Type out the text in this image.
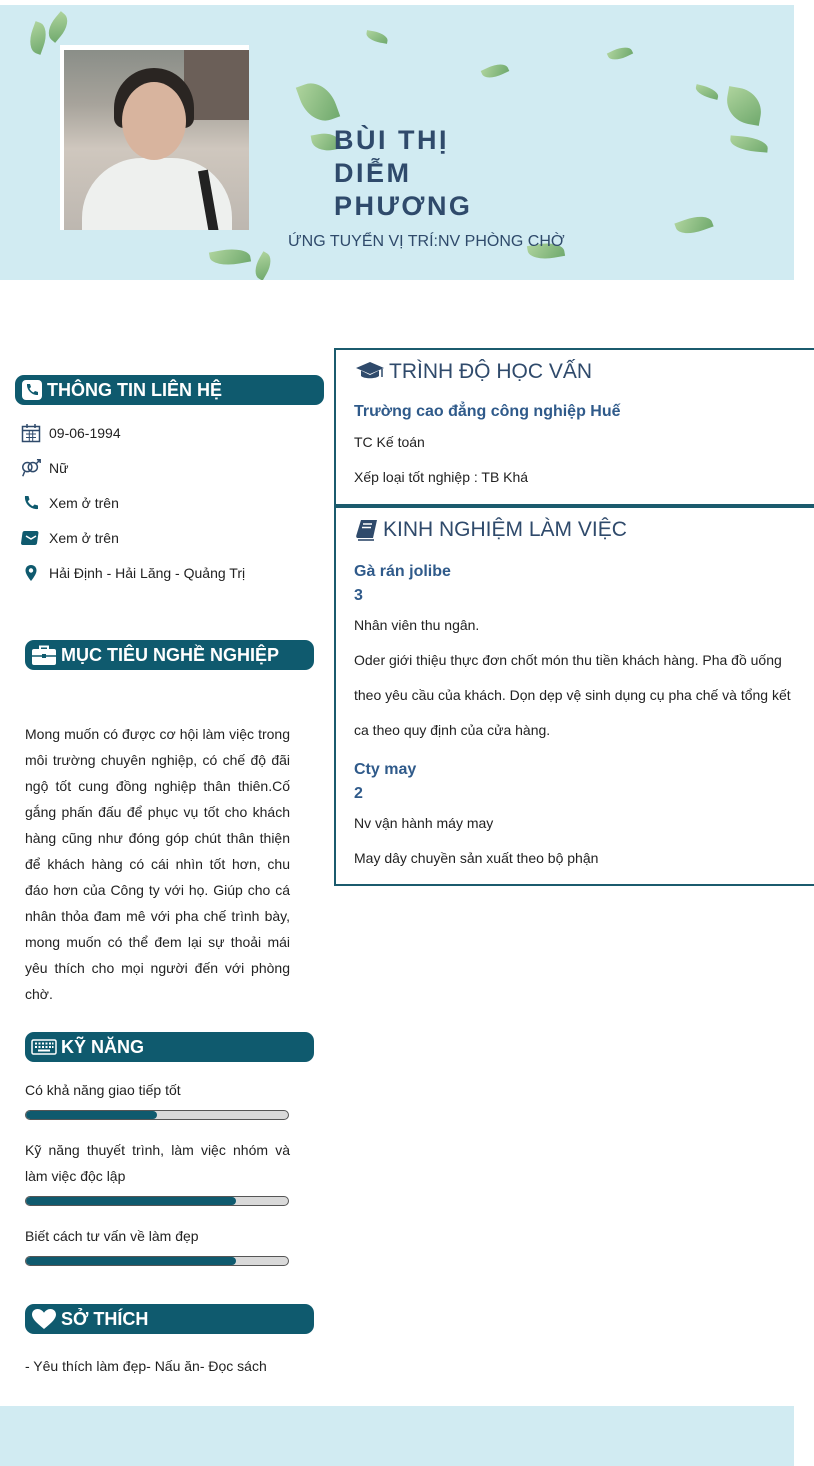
BÙI THỊ
DIỄM
PHƯƠNG
ỨNG TUYỂN VỊ TRÍ:NV PHÒNG CHỜ
THÔNG TIN LIÊN HỆ
09-06-1994
Nữ
Xem ở trên
Xem ở trên
Hải Định - Hải Lăng - Quảng Trị
MỤC TIÊU NGHỀ NGHIỆP
Mong muốn có được cơ hội làm việc trong môi trường chuyên nghiệp, có chế độ đãi ngộ tốt cung đồng nghiệp thân thiên.Cố gắng phấn đấu để phục vụ tốt cho khách hàng cũng như đóng góp chút thân thiện để khách hàng có cái nhìn tốt hơn, chu đáo hơn của Công ty với họ. Giúp cho cá nhân thỏa đam mê với pha chế trình bày, mong muốn có thể đem lại sự thoải mái yêu thích cho mọi người đến với phòng chờ.
KỸ NĂNG
Có khả năng giao tiếp tốt
Kỹ năng thuyết trình, làm việc nhóm và làm việc độc lập
Biết cách tư vấn về làm đẹp
SỞ THÍCH
- Yêu thích làm đẹp- Nấu ăn- Đọc sách
TRÌNH ĐỘ HỌC VẤN
Trường cao đẳng công nghiệp Huế
TC Kế toán
Xếp loại tốt nghiệp : TB Khá
KINH NGHIỆM LÀM VIỆC
Gà rán jolibe
3
Nhân viên thu ngân.
Oder giới thiệu thực đơn chốt món thu tiền khách hàng. Pha đồ uống theo yêu cầu của khách. Dọn dẹp vệ sinh dụng cụ pha chế và tổng kết ca theo quy định của cửa hàng.
Cty may
2
Nv vận hành máy may
May dây chuyền sản xuất theo bộ phận
